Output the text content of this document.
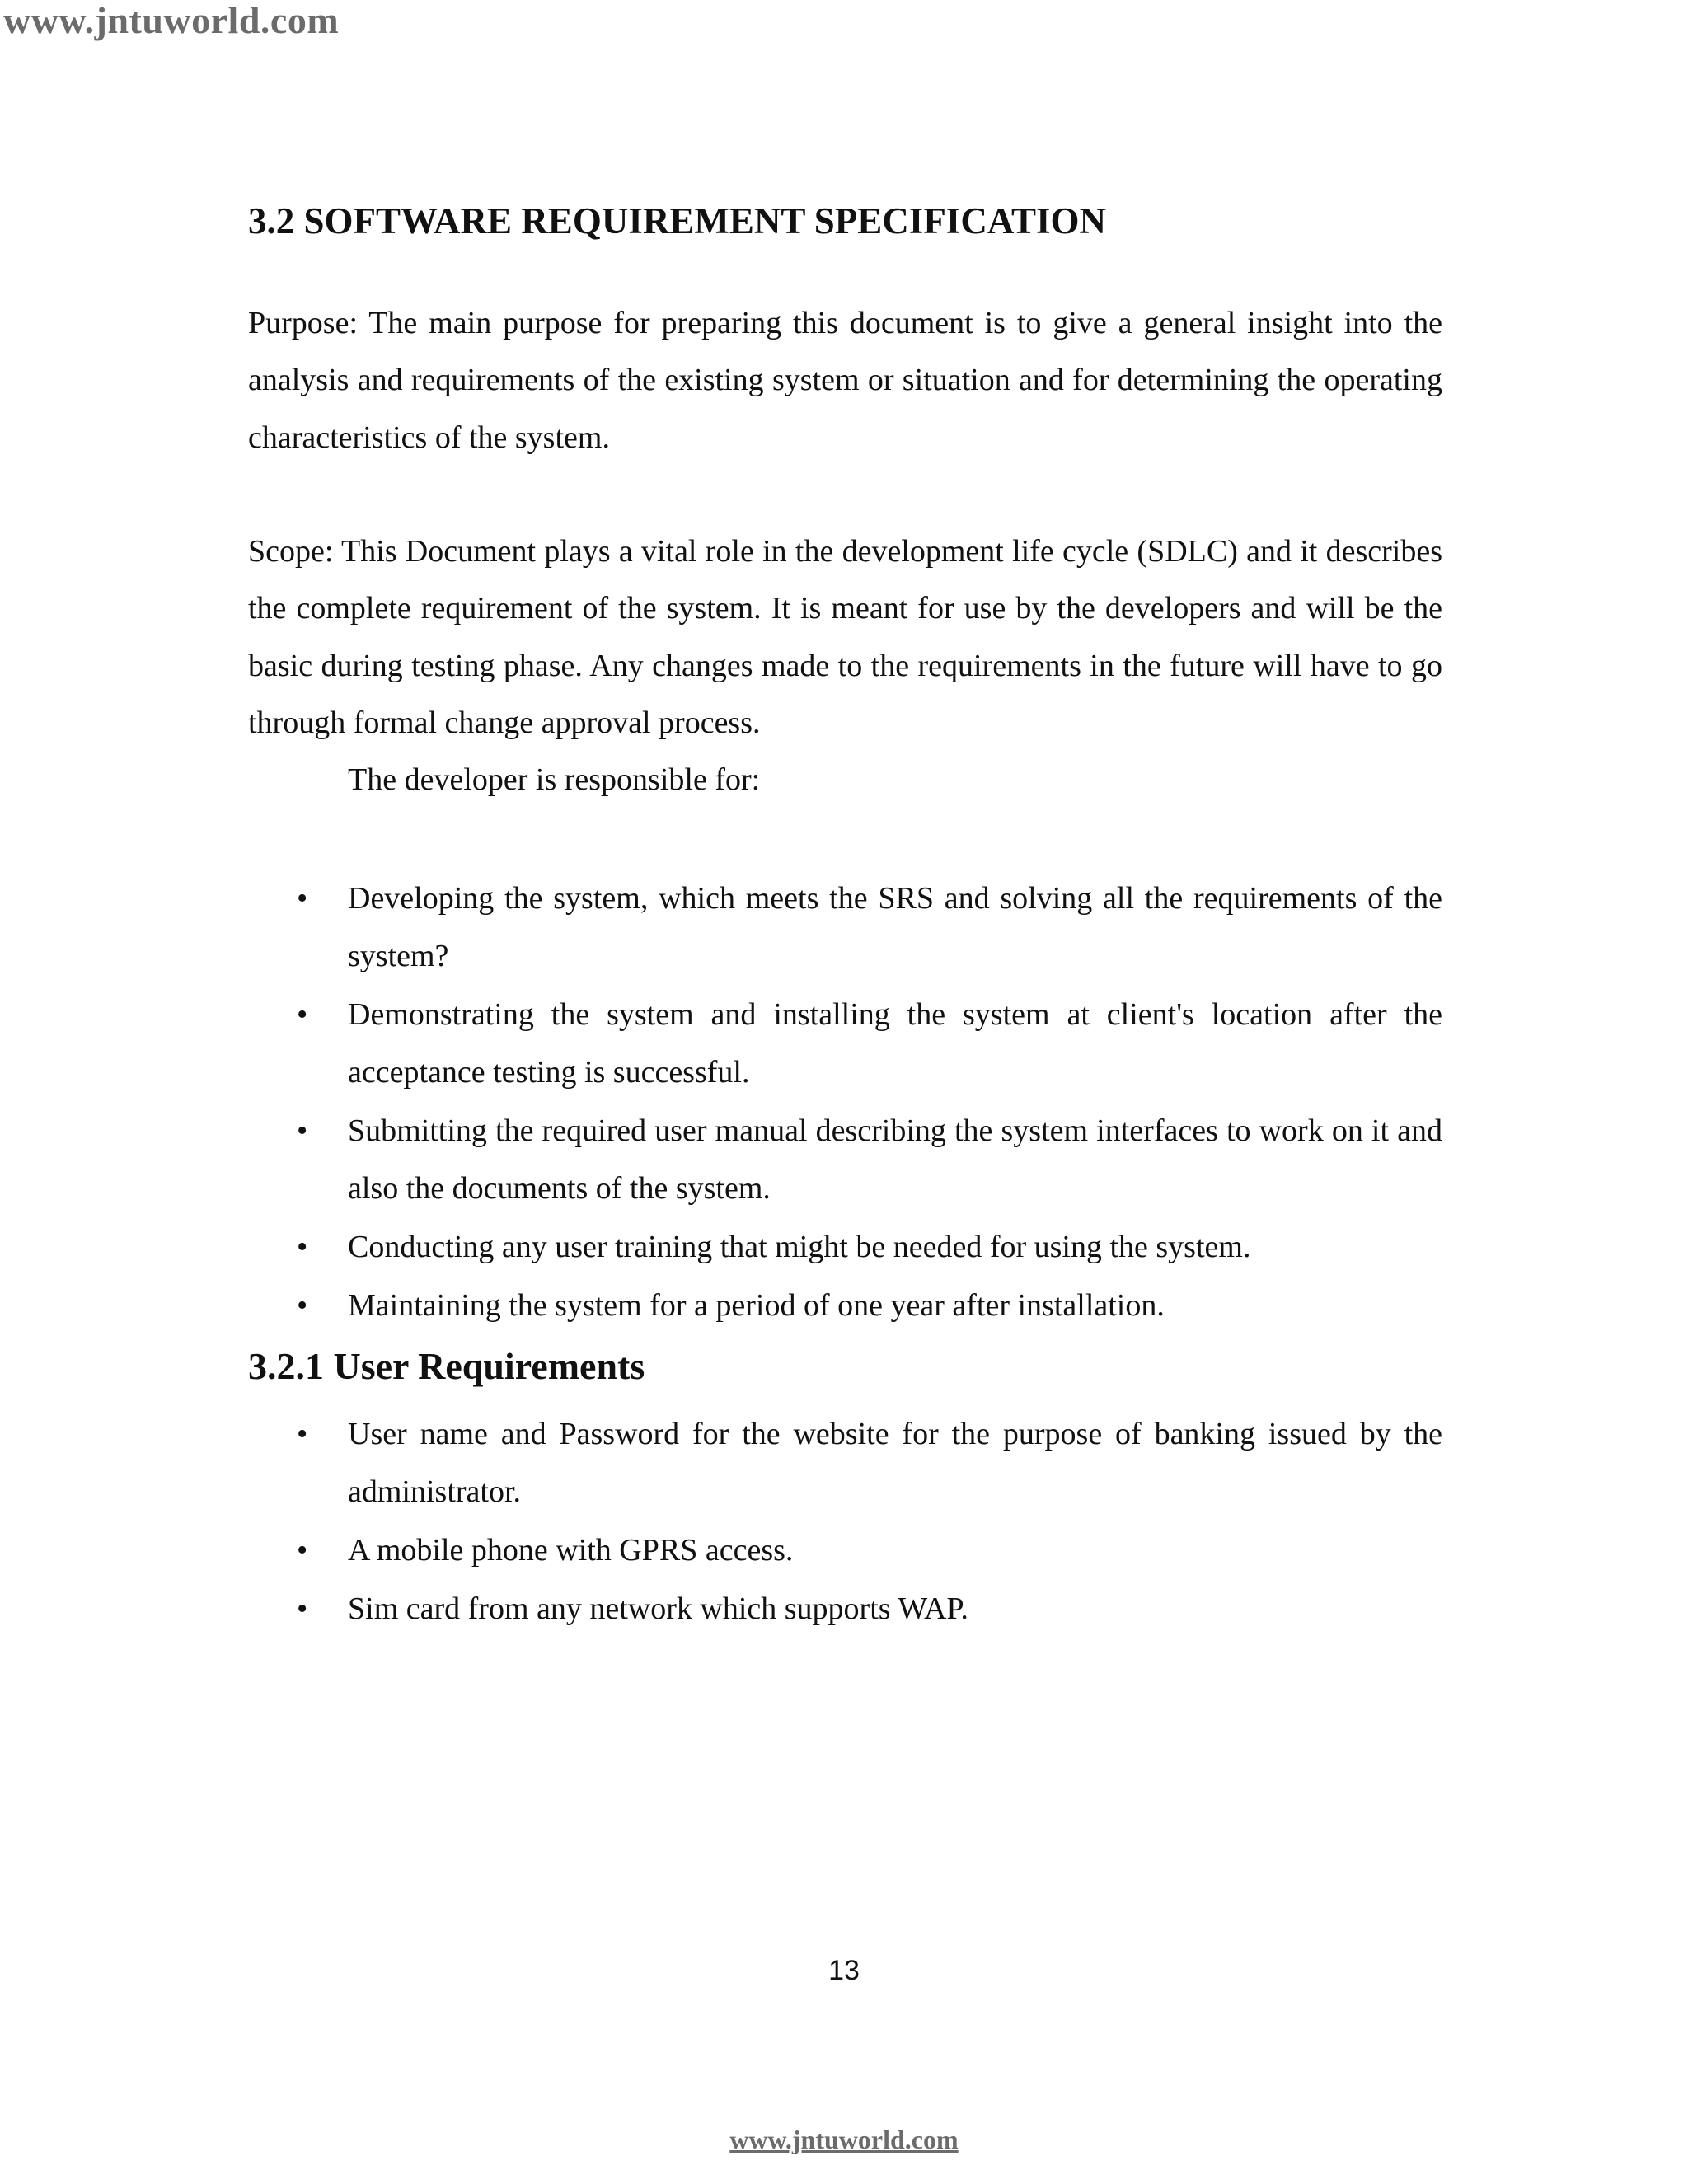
www.jntuworld.com
3.2 SOFTWARE REQUIREMENT SPECIFICATION

Purpose: The main purpose for preparing this document is to give a general insight into the analysis and requirements of the existing system or situation and for determining the operating characteristics of the system.

Scope: This Document plays a vital role in the development life cycle (SDLC) and it describes the complete requirement of the system. It is meant for use by the developers and will be the basic during testing phase. Any changes made to the requirements in the future will have to go through formal change approval process.

The developer is responsible for:

• Developing the system, which meets the SRS and solving all the requirements of the system?
• Demonstrating the system and installing the system at client's location after the acceptance testing is successful.
• Submitting the required user manual describing the system interfaces to work on it and also the documents of the system.
• Conducting any user training that might be needed for using the system.
• Maintaining the system for a period of one year after installation.
3.2.1 User Requirements
• User name and Password for the website for the purpose of banking issued by the administrator.
• A mobile phone with GPRS access.
• Sim card from any network which supports WAP.
13
www.jntuworld.com
